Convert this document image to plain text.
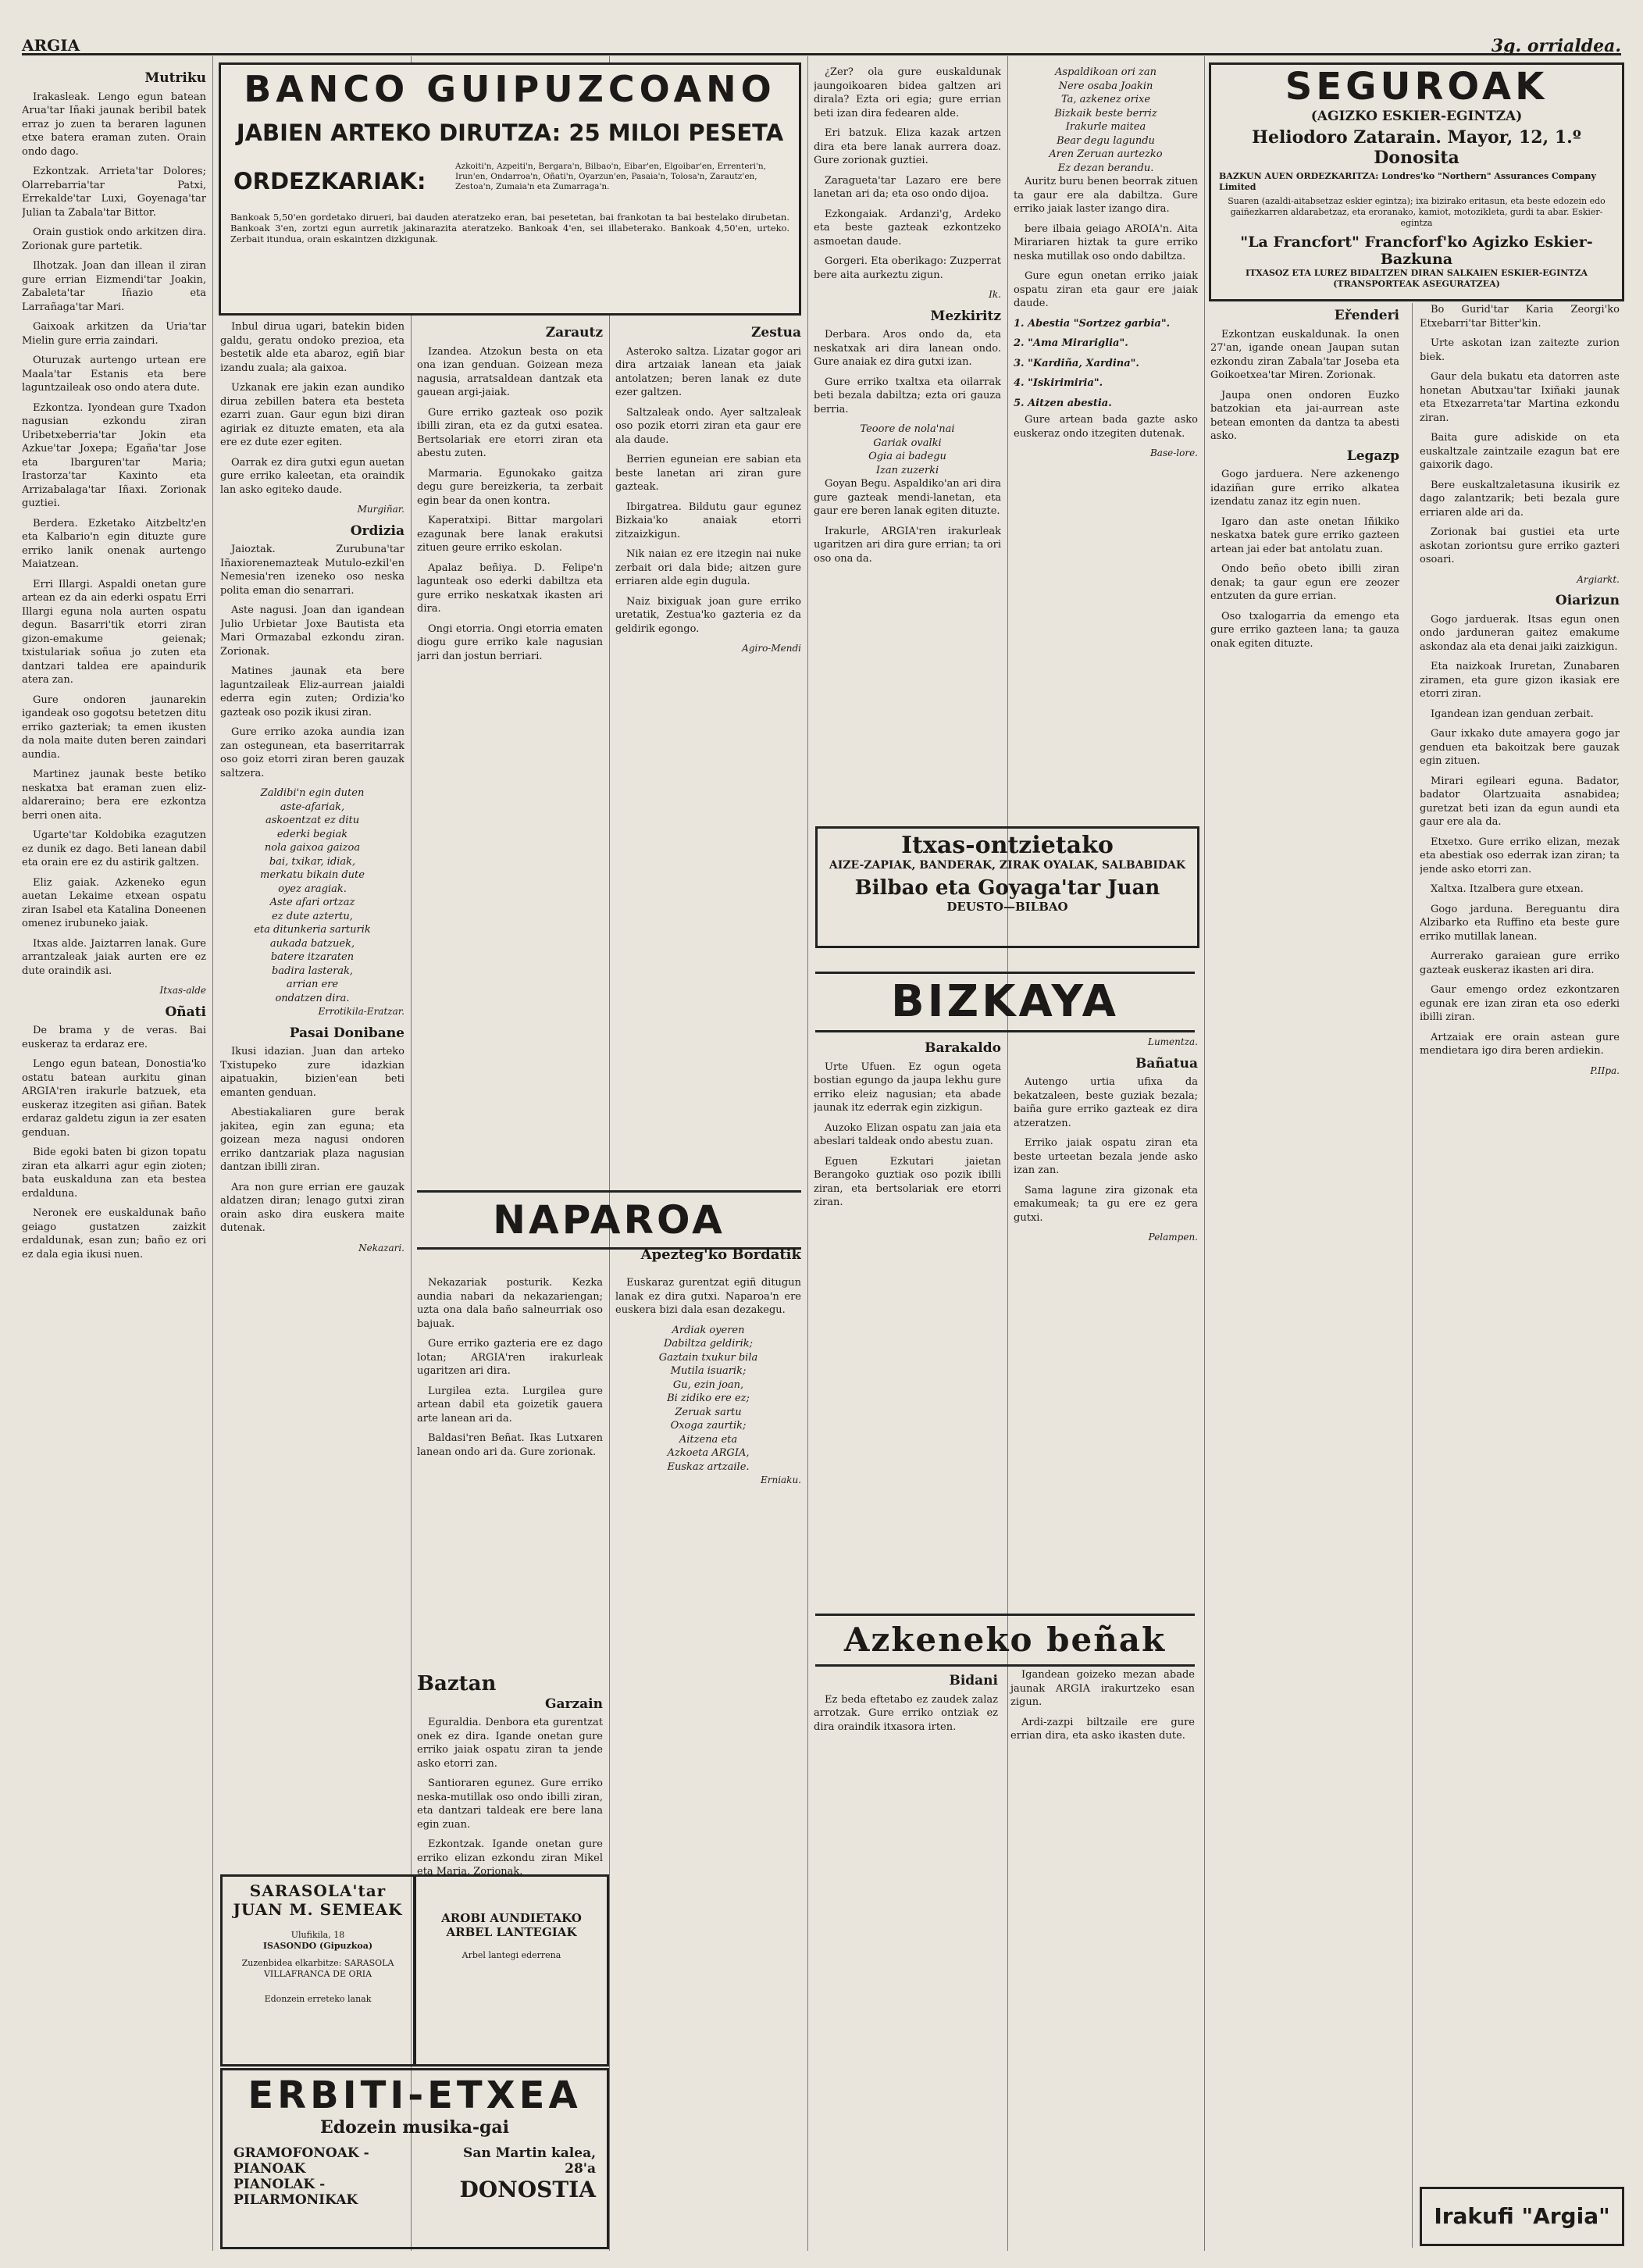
ARGIA	3g. orrialdea.
Mutriku

Irakasleak. Lengo egun batean Arua'tar Iñaki jaunak beribil batek erraz jo zuen ta beraren lagunen etxe batera eraman zuten. Orain ondo dago.

Ezkontzak. Arrieta'tar Dolores; Olarrebarria'tar Patxi, Errekalde'tar Luxi, Goyenaga'tar Julian ta Zabala'tar Bittor.

Orain gustiok ondo arkitzen dira. Zorionak gure partetik.

Ilhotzak. Joan dan illean il ziran gure errian Eizmendi'tar Joakin, Zabaleta'tar Iñazio eta Larrañaga'tar Mari.

Gaixoak arkitzen da Uria'tar Mielin gure erria zaindari.

Oturuzak aurtengo urtean ere Maala'tar Estanis eta bere laguntzaileak oso ondo atera dute.

Ezkontza. Iyondean gure Txadon nagusian ezkondu ziran Uribetxeberria'tar Jokin eta Azkue'tar Joxepa; Egaña'tar Jose eta Ibarguren'tar Maria; Irastorza'tar Kaxinto eta Arrizabalaga'tar Iñaxi. Zorionak guztiei.

Berdera. Ezketako Aitzbeltz'en eta Kalbario'n egin dituzte gure erriko lanik onenak aurtengo Maiatzean.

Erri Illargi. Aspaldi onetan gure artean ez da ain ederki ospatu Erri Illargi eguna nola aurten ospatu degun. Basarri'tik etorri ziran gizon-emakume geienak; txistulariak soñua jo zuten eta dantzari taldea ere apaindurik atera zan.

Gure ondoren jaunarekin igandeak oso gogotsu betetzen ditu erriko gazteriak; ta emen ikusten da nola maite duten beren zaindari aundia.

Martinez jaunak beste betiko neskatxa bat eraman zuen eliz-aldareraino; bera ere ezkontza berri onen aita.

Ugarte'tar Koldobika ezagutzen ez dunik ez dago. Beti lanean dabil eta orain ere ez du astirik galtzen.

Eliz gaiak. Azkeneko egun auetan Lekaime etxean ospatu ziran Isabel eta Katalina Doneenen omenez irubuneko jaiak.

Itxas alde. Jaiztarren lanak. Gure arrantzaleak jaiak aurten ere ez dute oraindik asi.

Itxas-alde
Oñati

De brama y de veras. Bai euskeraz ta erdaraz ere.

Lengo egun batean, Donostia'ko ostatu batean aurkitu ginan ARGIA'ren irakurle batzuek, eta euskeraz itzegiten asi giñan. Batek erdaraz galdetu zigun ia zer esaten genduan.

Bide egoki baten bi gizon topatu ziran eta alkarri agur egin zioten; bata euskalduna zan eta bestea erdalduna.

Neronek ere euskaldunak baño geiago gustatzen zaizkit erdaldunak, esan zun; baño ez ori ez dala egia ikusi nuen.

BANCO GUIPUZCOANO
JABIEN ARTEKO DIRUTZA: 25 MILOI PESETA
ORDEZKARIAK:
Azkoiti'n, Azpeiti'n, Bergara'n, Bilbao'n, Eibar'en, Elgoibar'en, Errenteri'n, Irun'en, Ondarroa'n, Oñati'n, Oyarzun'en, Pasaia'n, Tolosa'n, Zarautz'en, Zestoa'n, Zumaia'n eta Zumarraga'n.
Bankoak 5,50'en gordetako dirueri, bai dauden ateratzeko eran, bai pesetetan, bai frankotan ta bai bestelako dirubetan. Bankoak 3'en, zortzi egun aurretik jakinarazita ateratzeko. Bankoak 4'en, sei illabeterako. Bankoak 4,50'en, urteko. Zerbait itundua, orain eskaintzen dizkigunak.

Inbul dirua ugari, batekin biden galdu, geratu ondoko prezioa, eta bestetik alde eta abaroz, egiñ biar izandu zuala; ala gaixoa.

Uzkanak ere jakin ezan aundiko dirua zebillen batera eta besteta ezarri zuan. Gaur egun bizi diran agiriak ez dituzte ematen, eta ala ere ez dute ezer egiten.

Oarrak ez dira gutxi egun auetan gure erriko kaleetan, eta oraindik lan asko egiteko daude.

Murgiñar.
Ordizia

Jaioztak. Zurubuna'tar Iñaxiorenemazteak Mutulo-ezkil'en Nemesia'ren izeneko oso neska polita eman dio senarrari.

Aste nagusi. Joan dan igandean Julio Urbietar Joxe Bautista eta Mari Ormazabal ezkondu ziran. Zorionak.

Matines jaunak eta bere laguntzaileak Eliz-aurrean jaialdi ederra egin zuten; Ordizia'ko gazteak oso pozik ikusi ziran.

Gure erriko azoka aundia izan zan ostegunean, eta baserritarrak oso goiz etorri ziran beren gauzak saltzera.

Zaldibi'n egin duten
aste-afariak,
askoentzat ez ditu
ederki begiak
nola gaixoa gaizoa
bai, txikar, idiak,
merkatu bikain dute
oyez aragiak.
Aste afari ortzaz
ez dute aztertu,
eta ditunkeria sarturik
aukada batzuek,
batere itzaraten
badira lasterak,
arrian ere
ondatzen dira.
Errotikila-Eratzar.
Pasai Donibane

Ikusi idazian. Juan dan arteko Txistupeko zure idazkian aipatuakin, bizien'ean beti emanten genduan.

Abestiakaliaren gure berak jakitea, egin zan eguna; eta goizean meza nagusi ondoren erriko dantzariak plaza nagusian dantzan ibilli ziran.

Ara non gure errian ere gauzak aldatzen diran; lenago gutxi ziran orain asko dira euskera maite dutenak.

Nekazari.
Zarautz

Izandea. Atzokun besta on eta ona izan genduan. Goizean meza nagusia, arratsaldean dantzak eta gauean argi-jaiak.

Gure erriko gazteak oso pozik ibilli ziran, eta ez da gutxi esatea. Bertsolariak ere etorri ziran eta abestu zuten.

Marmaria. Egunokako gaitza degu gure bereizkeria, ta zerbait egin bear da onen kontra.

Kaperatxipi. Bittar margolari ezagunak bere lanak erakutsi zituen geure erriko eskolan.

Apalaz beñiya. D. Felipe'n lagunteak oso ederki dabiltza eta gure erriko neskatxak ikasten ari dira.

Ongi etorria. Ongi etorria ematen diogu gure erriko kale nagusian jarri dan jostun berriari.

Zestua

Asteroko saltza. Lizatar gogor ari dira artzaiak lanean eta jaiak antolatzen; beren lanak ez dute ezer galtzen.

Saltzaleak ondo. Ayer saltzaleak oso pozik etorri ziran eta gaur ere ala daude.

Berrien eguneian ere sabian eta beste lanetan ari ziran gure gazteak.

Ibirgatrea. Bildutu gaur egunez Bizkaia'ko anaiak etorri zitzaizkigun.

Nik naian ez ere itzegin nai nuke zerbait ori dala bide; aitzen gure erriaren alde egin dugula.

Naiz bixiguak joan gure erriko uretatik, Zestua'ko gazteria ez da geldirik egongo.

Agiro-Mendi
NAPAROA
Apezteg'ko Bordatik

Nekazariak posturik. Kezka aundia nabari da nekazariengan; uzta ona dala baño salneurriak oso bajuak.

Gure erriko gazteria ere ez dago lotan; ARGIA'ren irakurleak ugaritzen ari dira.

Lurgilea ezta. Lurgilea gure artean dabil eta goizetik gauera arte lanean ari da.

Baldasi'ren Beñat. Ikas Lutxaren lanean ondo ari da. Gure zorionak.

Euskaraz gurentzat egiñ ditugun lanak ez dira gutxi. Naparoa'n ere euskera bizi dala esan dezakegu.

Ardiak oyeren
Dabiltza geldirik;
Gaztain txukur bila
Mutila isuarik;
Gu, ezin joan,
Bi zidiko ere ez;
Zeruak sartu
Oxoga zaurtik;
Aitzena eta
Azkoeta ARGIA,
Euskaz artzaile.
Erniaku.
Baztan
Garzain

Eguraldia. Denbora eta gurentzat onek ez dira. Igande onetan gure erriko jaiak ospatu ziran ta jende asko etorri zan.

Santioraren egunez. Gure erriko neska-mutillak oso ondo ibilli ziran, eta dantzari taldeak ere bere lana egin zuan.

Ezkontzak. Igande onetan gure erriko elizan ezkondu ziran Mikel eta Maria. Zorionak.

SARASOLA'tar JUAN M. SEMEAK
Ulufikila, 18
ISASONDO (Gipuzkoa)
Zuzenbidea elkarbitze: SARASOLA VILLAFRANCA DE ORIA
Edonzein erreteko lanak
AROBI AUNDIETAKO
ARBEL LANTEGIAK
Arbel lantegi ederrena
ERBITI-ETXEA
Edozein musika-gai
GRAMOFONOAK - PIANOAK
PIANOLAK - PILARMONIKAK
San Martin kalea, 28'a
DONOSTIA

¿Zer? ola gure euskaldunak jaungoikoaren bidea galtzen ari dirala? Ezta ori egia; gure errian beti izan dira fedearen alde.

Eri batzuk. Eliza kazak artzen dira eta bere lanak aurrera doaz. Gure zorionak guztiei.

Zaragueta'tar Lazaro ere bere lanetan ari da; eta oso ondo dijoa.

Ezkongaiak. Ardanzi'g, Ardeko eta beste gazteak ezkontzeko asmoetan daude.

Gorgeri. Eta oberikago: Zuzperrat bere aita aurkeztu zigun.

Ik.
Mezkiritz

Derbara. Aros ondo da, eta neskatxak ari dira lanean ondo. Gure anaiak ez dira gutxi izan.

Gure erriko txaltxa eta oilarrak beti bezala dabiltza; ezta ori gauza berria.

Teoore de nola'nai
Gariak ovalki
Ogia ai badegu
Izan zuzerki

Goyan Begu. Aspaldiko'an ari dira gure gazteak mendi-lanetan, eta gaur ere beren lanak egiten dituzte.

Irakurle, ARGIA'ren irakurleak ugaritzen ari dira gure errian; ta ori oso ona da.

Aspaldikoan ori zan
Nere osaba Joakin
Ta, azkenez orixe
Bizkaik beste berriz
Irakurle maitea
Bear degu lagundu
Aren Zeruan aurtezko
Ez dezan berandu.

Auritz buru benen beorrak zituen ta gaur ere ala dabiltza. Gure erriko jaiak laster izango dira.

bere ilbaia geiago AROIA'n. Aita Mirariaren hiztak ta gure erriko neska mutillak oso ondo dabiltza.

Gure egun onetan erriko jaiak ospatu ziran eta gaur ere jaiak daude.

1. Abestia "Sortzez garbia".
2. "Ama Mirariglia".
3. "Kardiña, Xardina".
4. "Iskirimiria".
5. Aitzen abestia.

Gure artean bada gazte asko euskeraz ondo itzegiten dutenak.

Base-lore.
Itxas-ontzietako
AIZE-ZAPIAK, BANDERAK, ZIRAK OYALAK, SALBABIDAK
Bilbao eta Goyaga'tar Juan
DEUSTO—BILBAO
BIZKAYA
Barakaldo

Urte Ufuen. Ez ogun ogeta bostian egungo da jaupa lekhu gure erriko eleiz nagusian; eta abade jaunak itz ederrak egin zizkigun.

Auzoko Elizan ospatu zan jaia eta abeslari taldeak ondo abestu zuan.

Eguen Ezkutari jaietan Berangoko guztiak oso pozik ibilli ziran, eta bertsolariak ere etorri ziran.

Lumentza.
Bañatua

Autengo urtia ufixa da bekatzaleen, beste guziak bezala; baiña gure erriko gazteak ez dira atzeratzen.

Erriko jaiak ospatu ziran eta beste urteetan bezala jende asko izan zan.

Sama lagune zira gizonak eta emakumeak; ta gu ere ez gera gutxi.

Pelampen.
Azkeneko beñak
Bidani

Ez beda eftetabo ez zaudek zalaz arrotzak. Gure erriko ontziak ez dira oraindik itxasora irten.

Igandean goizeko mezan abade jaunak ARGIA irakurtzeko esan zigun.

Ardi-zazpi biltzaile ere gure errian dira, eta asko ikasten dute.

SEGUROAK
(AGIZKO ESKIER-EGINTZA)
Heliodoro Zatarain. Mayor, 12, 1.º Donosita
BAZKUN AUEN ORDEZKARITZA: Londres'ko "Northern" Assurances Company Limited
Suaren (azaldi-aitabsetzaz eskier egintza); ixa bizirako eritasun, eta beste edozein edo gaiñezkarren aldarabetzaz, eta eroranako, kamiot, motozikleta, gurdi ta abar. Eskier-egintza
"La Francfort" Francforf'ko Agizko Eskier-Bazkuna
ITXASOZ ETA LUREZ BIDALTZEN DIRAN SALKAIEN ESKIER-EGINTZA (TRANSPORTEAK ASEGURATZEA)
Eřenderi

Ezkontzan euskaldunak. Ia onen 27'an, igande onean Jaupan sutan ezkondu ziran Zabala'tar Joseba eta Goikoetxea'tar Miren. Zorionak.

Jaupa onen ondoren Euzko batzokian eta jai-aurrean aste betean emonten da dantza ta abesti asko.

Legazp

Gogo jarduera. Nere azkenengo idaziñan gure erriko alkatea izendatu zanaz itz egin nuen.

Igaro dan aste onetan Iñikiko neskatxa batek gure erriko gazteen artean jai eder bat antolatu zuan.

Ondo beño obeto ibilli ziran denak; ta gaur egun ere zeozer entzuten da gure errian.

Oso txalogarria da emengo eta gure erriko gazteen lana; ta gauza onak egiten dituzte.

Bo Gurid'tar Karia Zeorgi'ko Etxebarri'tar Bitter'kin.

Urte askotan izan zaitezte zurion biek.

Gaur dela bukatu eta datorren aste honetan Abutxau'tar Ixiñaki jaunak eta Etxezarreta'tar Martina ezkondu ziran.

Baita gure adiskide on eta euskaltzale zaintzaile ezagun bat ere gaixorik dago.

Bere euskaltzaletasuna ikusirik ez dago zalantzarik; beti bezala gure erriaren alde ari da.

Zorionak bai gustiei eta urte askotan zoriontsu gure erriko gazteri osoari.

Argiarkt.
Oiarizun

Gogo jarduerak. Itsas egun onen ondo jarduneran gaitez emakume askondaz ala eta denai jaiki zaizkigun.

Eta naizkoak Iruretan, Zunabaren ziramen, eta gure gizon ikasiak ere etorri ziran.

Igandean izan genduan zerbait.

Gaur ixkako dute amayera gogo jar genduen eta bakoitzak bere gauzak egin zituen.

Mirari egileari eguna. Badator, badator Olartzuaita asnabidea; guretzat beti izan da egun aundi eta gaur ere ala da.

Etxetxo. Gure erriko elizan, mezak eta abestiak oso ederrak izan ziran; ta jende asko etorri zan.

Xaltxa. Itzalbera gure etxean.

Gogo jarduna. Bereguantu dira Alzibarko eta Ruffino eta beste gure erriko mutillak lanean.

Aurrerako garaiean gure erriko gazteak euskeraz ikasten ari dira.

Gaur emengo ordez ezkontzaren egunak ere izan ziran eta oso ederki ibilli ziran.

Artzaiak ere orain astean gure mendietara igo dira beren ardiekin.

P.IIpa.
Irakufi "Argia"
